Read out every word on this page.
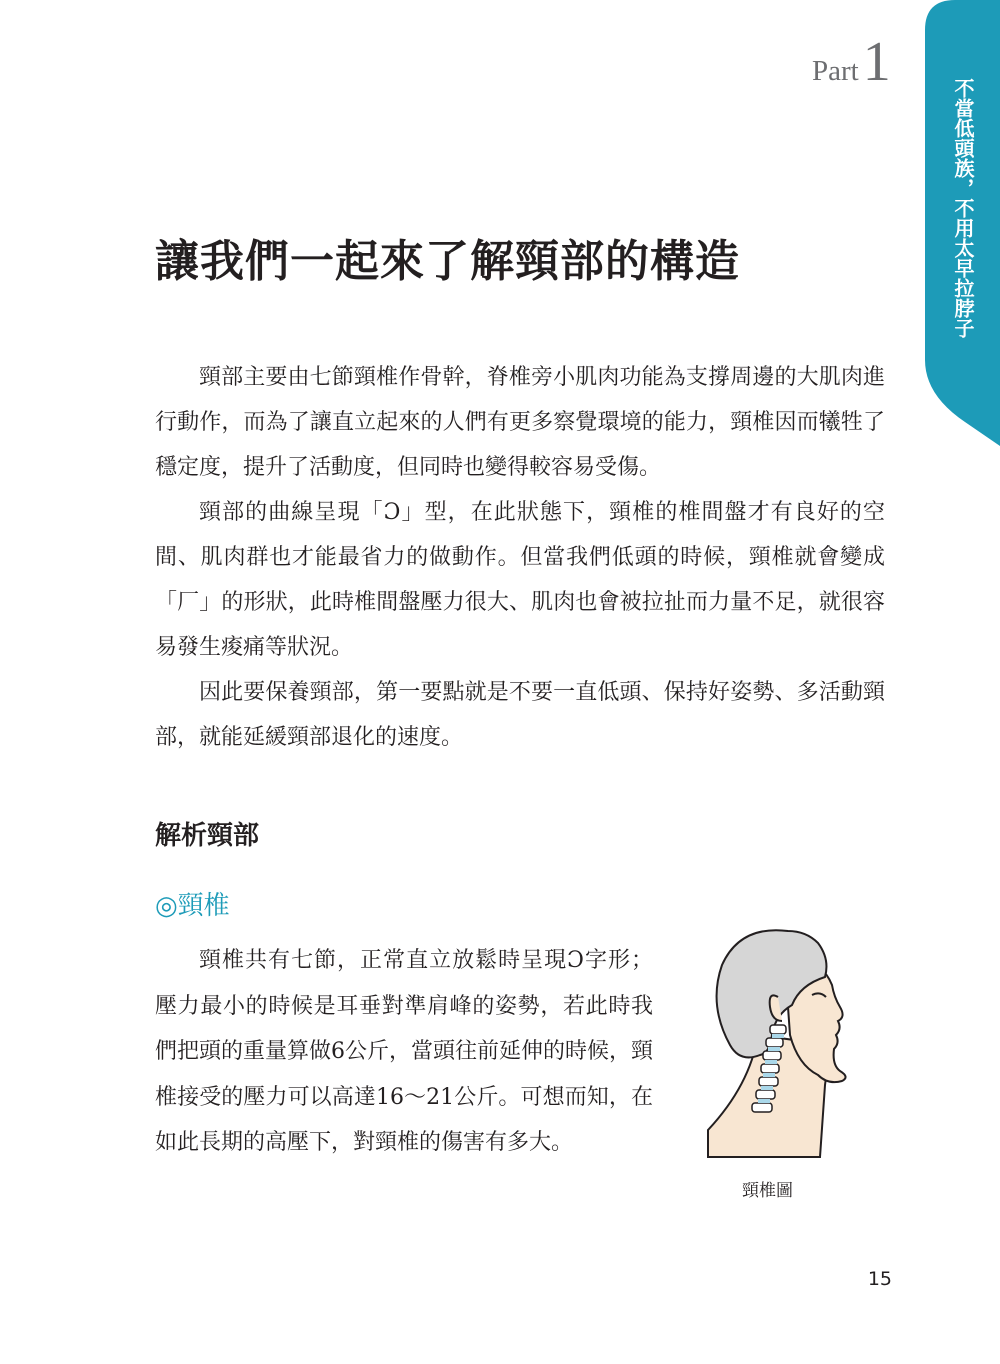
Part1
不當低頭族，不用太早拉脖子
讓我們一起來了解頸部的構造

頸部主要由七節頸椎作骨幹，脊椎旁小肌肉功能為支撐周邊的大肌肉進行動作，而為了讓直立起來的人們有更多察覺環境的能力，頸椎因而犧牲了穩定度，提升了活動度，但同時也變得較容易受傷。

頸部的曲線呈現「Ɔ」型，在此狀態下，頸椎的椎間盤才有良好的空間、肌肉群也才能最省力的做動作。但當我們低頭的時候，頸椎就會變成「厂」的形狀，此時椎間盤壓力很大、肌肉也會被拉扯而力量不足，就很容易發生痠痛等狀況。

因此要保養頸部，第一要點就是不要一直低頭、保持好姿勢、多活動頸部，就能延緩頸部退化的速度。

解析頸部
◎頸椎

頸椎共有七節，正常直立放鬆時呈現Ɔ字形；壓力最小的時候是耳垂對準肩峰的姿勢，若此時我們把頭的重量算做6公斤，當頭往前延伸的時候，頸椎接受的壓力可以高達16～21公斤。可想而知，在如此長期的高壓下，對頸椎的傷害有多大。

頸椎圖
15
